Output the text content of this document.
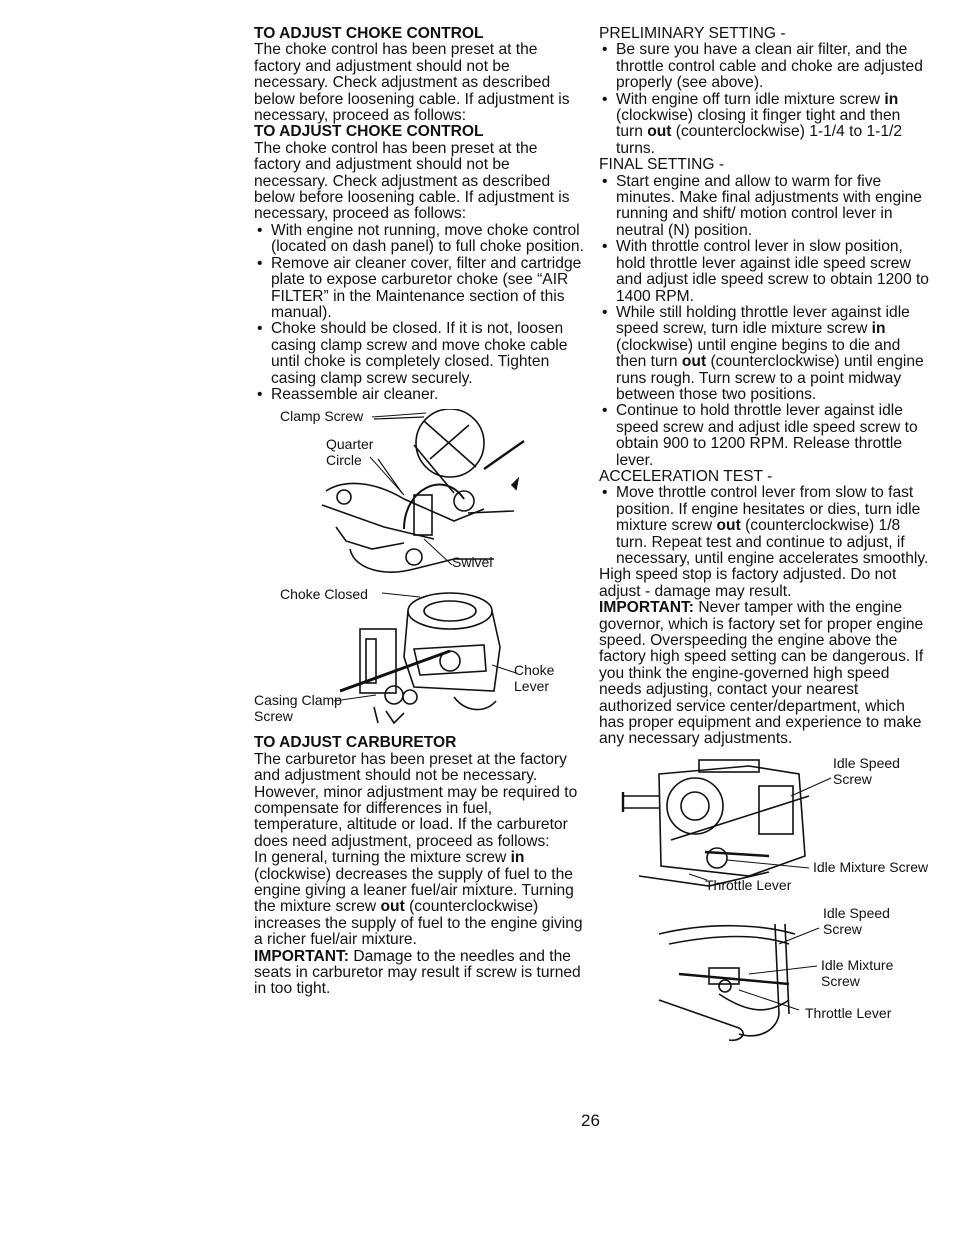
TO ADJUST CHOKE CONTROL

The choke control has been preset at the factory and adjustment should not be necessary. Check adjustment as described below before loosening cable. If adjustment is necessary, proceed as follows:

TO ADJUST CHOKE CONTROL

The choke control has been preset at the factory and adjustment should not be necessary. Check adjustment as described below before loosening cable. If adjustment is necessary, proceed as follows:

• With engine not running, move choke control (located on dash panel) to full choke position.
• Remove air cleaner cover, filter and cartridge plate to expose carburetor choke (see “AIR FILTER” in the Maintenance section of this manual).
• Choke should be closed. If it is not, loosen casing clamp screw and move choke cable until choke is completely closed. Tighten casing clamp screw securely.
• Reassemble air cleaner.
Clamp Screw
Quarter
Circle
Swivel
Choke Closed
Choke
Lever
Casing Clamp
Screw

TO ADJUST CARBURETOR

The carburetor has been preset at the factory and adjustment should not be necessary. However, minor adjustment may be required to compensate for differences in fuel, temperature, altitude or load. If the carburetor does need adjustment, proceed as follows:

In general, turning the mixture screw in (clockwise) decreases the supply of fuel to the engine giving a leaner fuel/air mixture. Turning the mixture screw out (counterclockwise) increases the supply of fuel to the engine giving a richer fuel/air mixture.

IMPORTANT: Damage to the needles and the seats in carburetor may result if screw is turned in too tight.

PRELIMINARY SETTING -

• Be sure you have a clean air filter, and the throttle control cable and choke are adjusted properly (see above).
• With engine off turn idle mixture screw in (clockwise) closing it finger tight and then turn out (counterclockwise) 1-1/4 to 1-1/2 turns.

FINAL SETTING -

• Start engine and allow to warm for five minutes. Make final adjustments with engine running and shift/ motion control lever in neutral (N) position.
• With throttle control lever in slow position, hold throttle lever against idle speed screw and adjust idle speed screw to obtain 1200 to 1400 RPM.
• While still holding throttle lever against idle speed screw, turn idle mixture screw in (clockwise) until engine begins to die and then turn out (counterclockwise) until engine runs rough. Turn screw to a point midway between those two positions.
• Continue to hold throttle lever against idle speed screw and adjust idle speed screw to obtain 900 to 1200 RPM. Release throttle lever.

ACCELERATION TEST -

• Move throttle control lever from slow to fast position. If engine hesitates or dies, turn idle mixture screw out (counterclockwise) 1/8 turn. Repeat test and continue to adjust, if necessary, until engine accelerates smoothly.

High speed stop is factory adjusted. Do not adjust - damage may result.

IMPORTANT: Never tamper with the engine governor, which is factory set for proper engine speed. Overspeeding the engine above the factory high speed setting can be dangerous. If you think the engine-governed high speed needs adjusting, contact your nearest authorized service center/department, which has proper equipment and experience to make any necessary adjustments.

Idle Speed
Screw
Idle Mixture Screw
Throttle Lever
Idle Speed
Screw
Idle Mixture
Screw
Throttle Lever
26
